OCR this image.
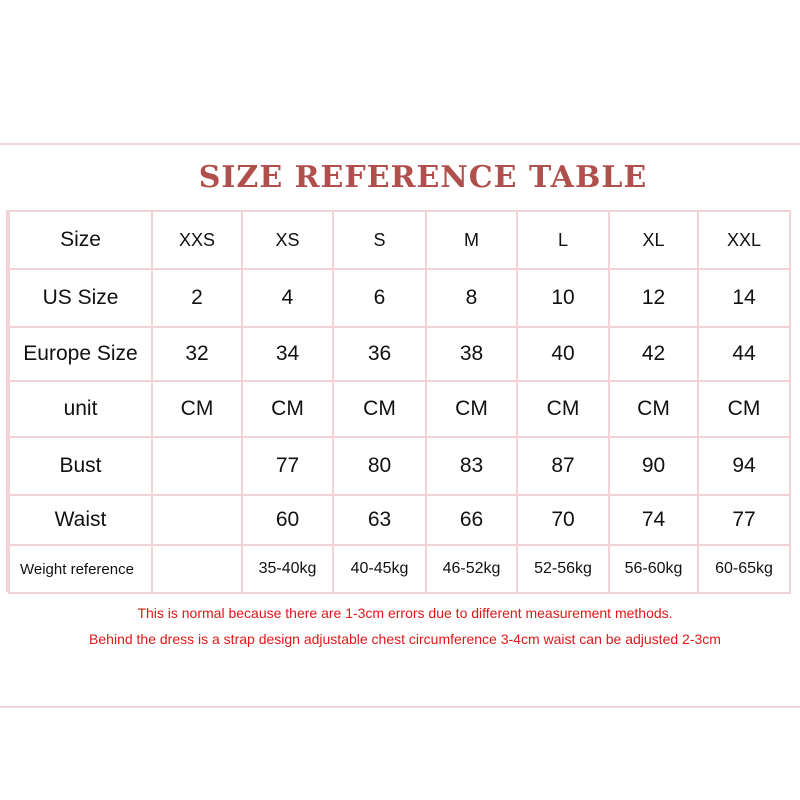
SIZE REFERENCE TABLE
Size	XXS	XS	S	M	L	XL	XXL
US Size	2	4	6	8	10	12	14
Europe Size	32	34	36	38	40	42	44
unit	CM	CM	CM	CM	CM	CM	CM
Bust		77	80	83	87	90	94
Waist		60	63	66	70	74	77
Weight reference		35-40kg	40-45kg	46-52kg	52-56kg	56-60kg	60-65kg
This is normal because there are 1-3cm errors due to different measurement methods.
Behind the dress is a strap design adjustable chest circumference 3-4cm waist can be adjusted 2-3cm
